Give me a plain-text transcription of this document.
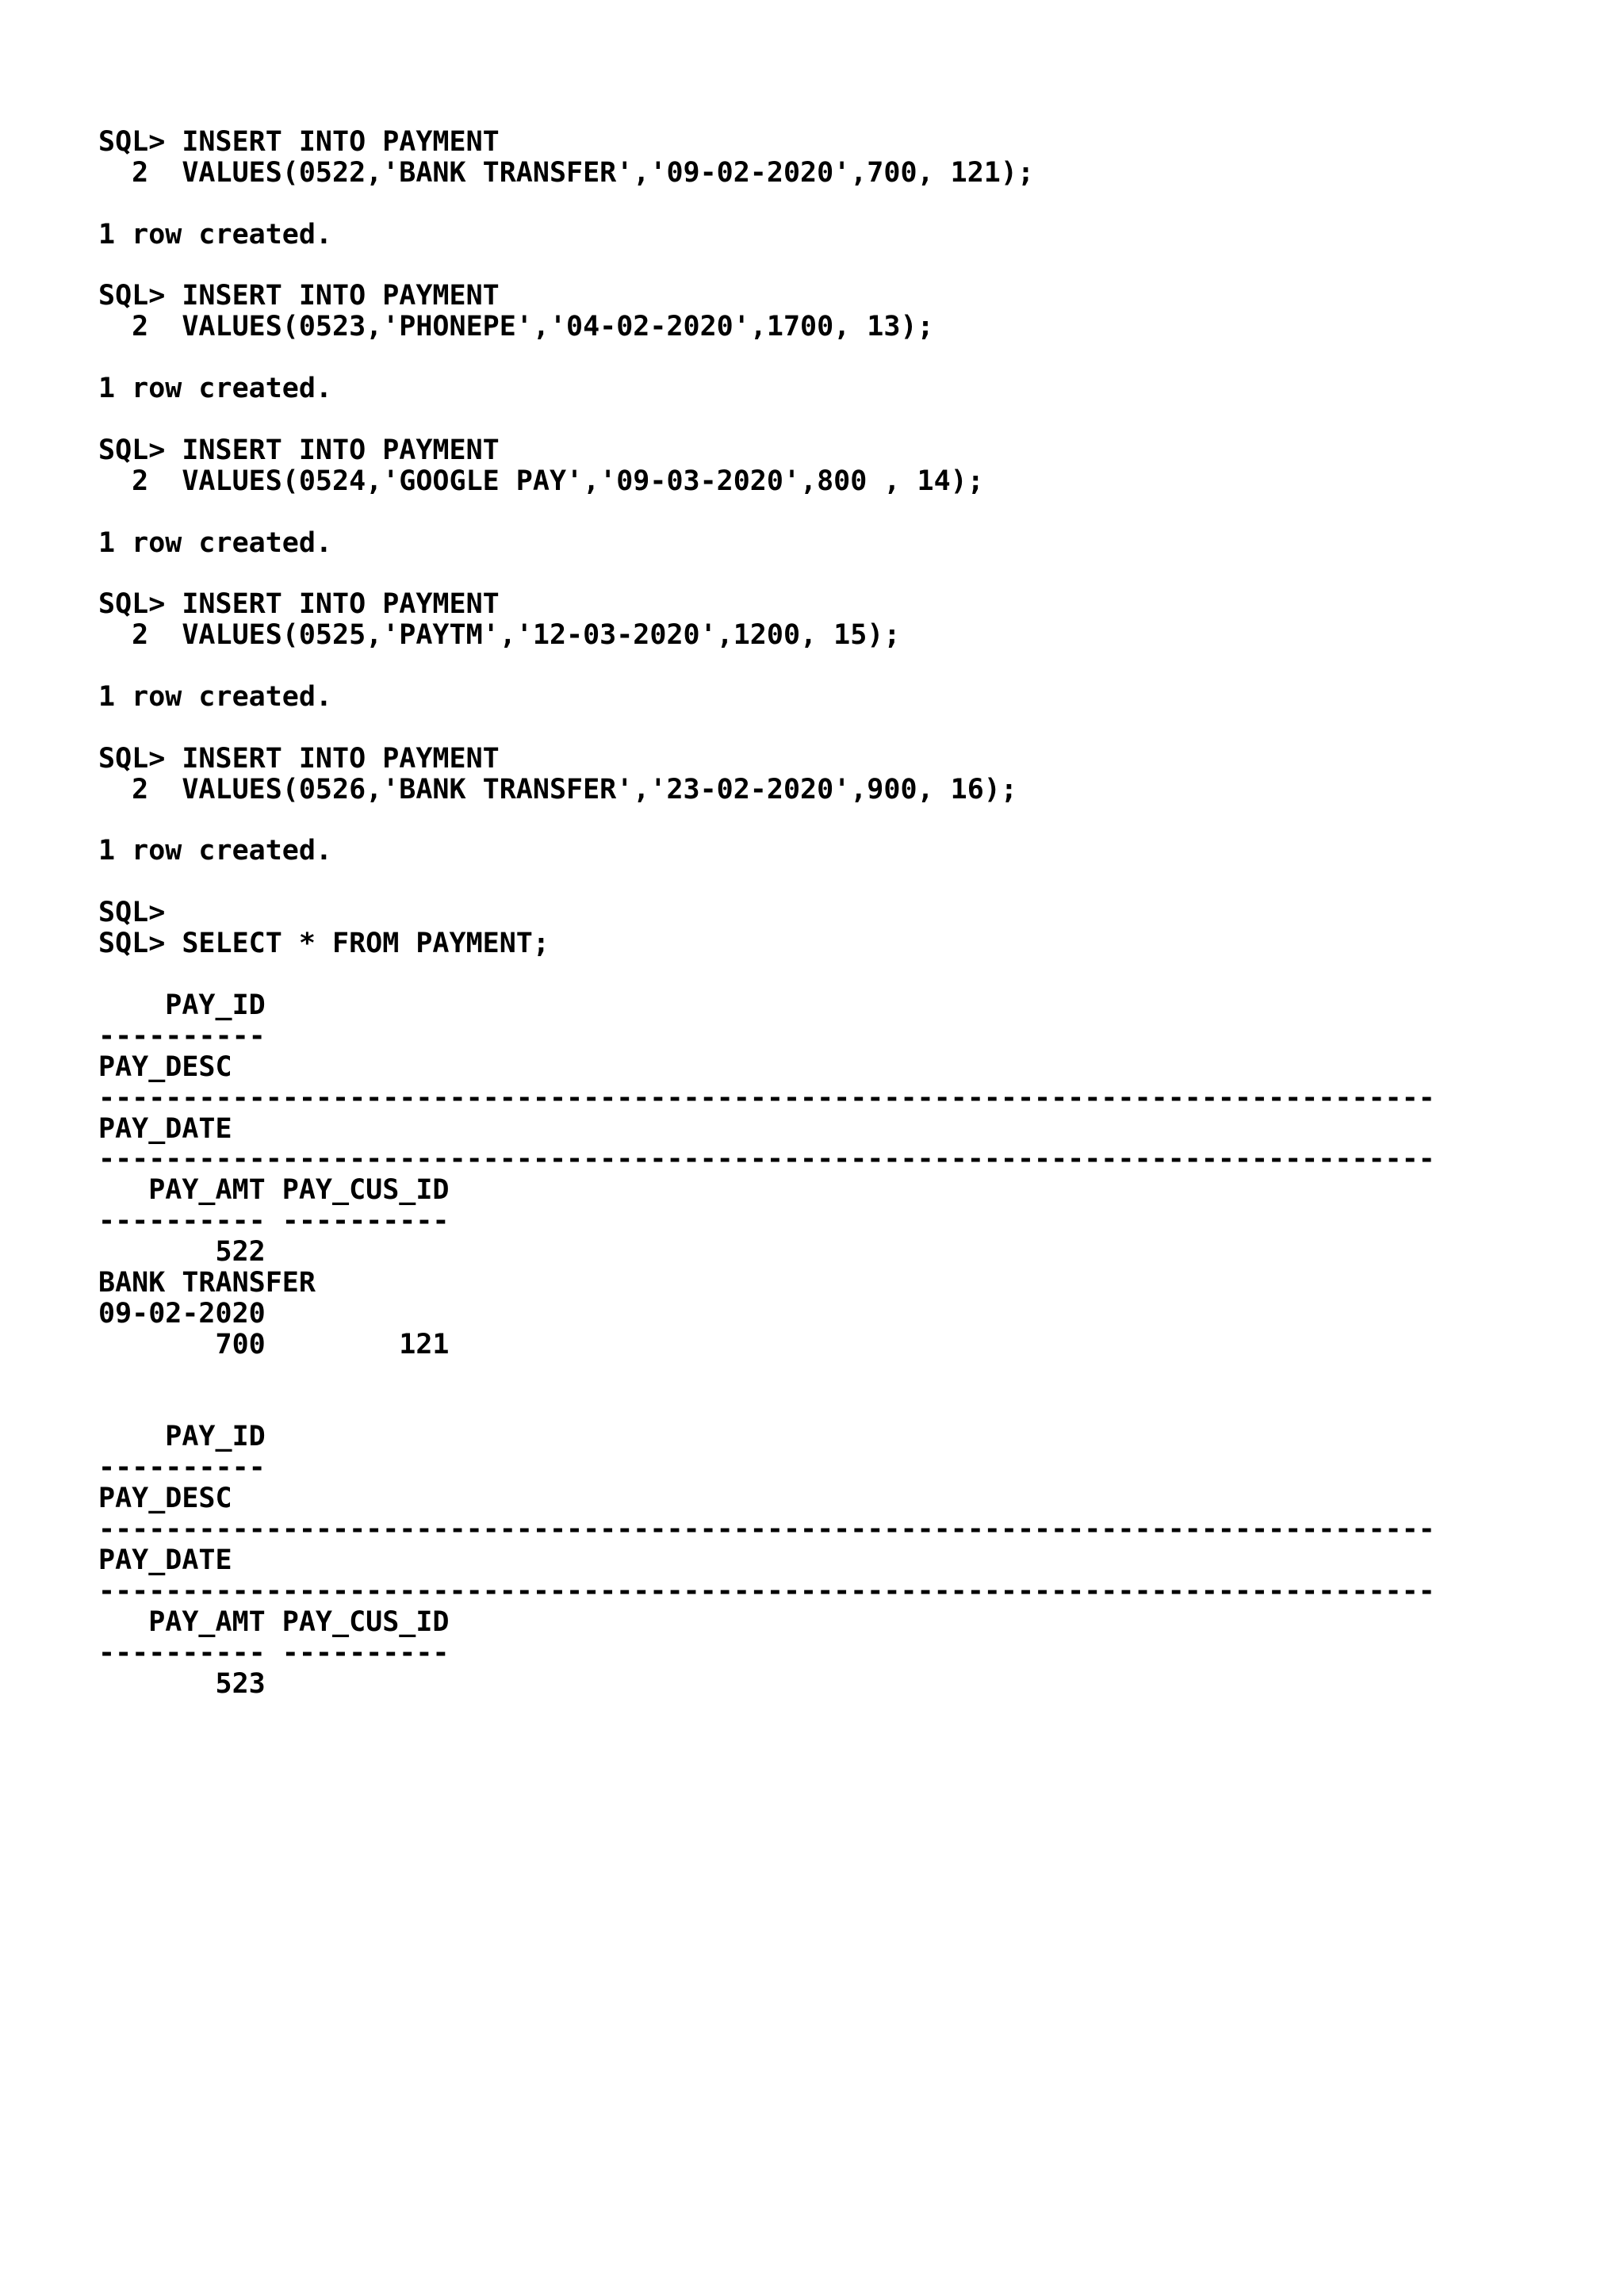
SQL> INSERT INTO PAYMENT
2  VALUES(0522,'BANK TRANSFER','09-02-2020',700, 121);
1 row created.
SQL> INSERT INTO PAYMENT
2  VALUES(0523,'PHONEPE','04-02-2020',1700, 13);
1 row created.
SQL> INSERT INTO PAYMENT
2  VALUES(0524,'GOOGLE PAY','09-03-2020',800 , 14);
1 row created.
SQL> INSERT INTO PAYMENT
2  VALUES(0525,'PAYTM','12-03-2020',1200, 15);
1 row created.
SQL> INSERT INTO PAYMENT
2  VALUES(0526,'BANK TRANSFER','23-02-2020',900, 16);
1 row created.
SQL>
SQL> SELECT * FROM PAYMENT;
PAY_ID
----------
PAY_DESC
--------------------------------------------------------------------------------
PAY_DATE
--------------------------------------------------------------------------------
PAY_AMT PAY_CUS_ID
---------- ----------
522
BANK TRANSFER
09-02-2020
700        121
PAY_ID
----------
PAY_DESC
--------------------------------------------------------------------------------
PAY_DATE
--------------------------------------------------------------------------------
PAY_AMT PAY_CUS_ID
---------- ----------
523
